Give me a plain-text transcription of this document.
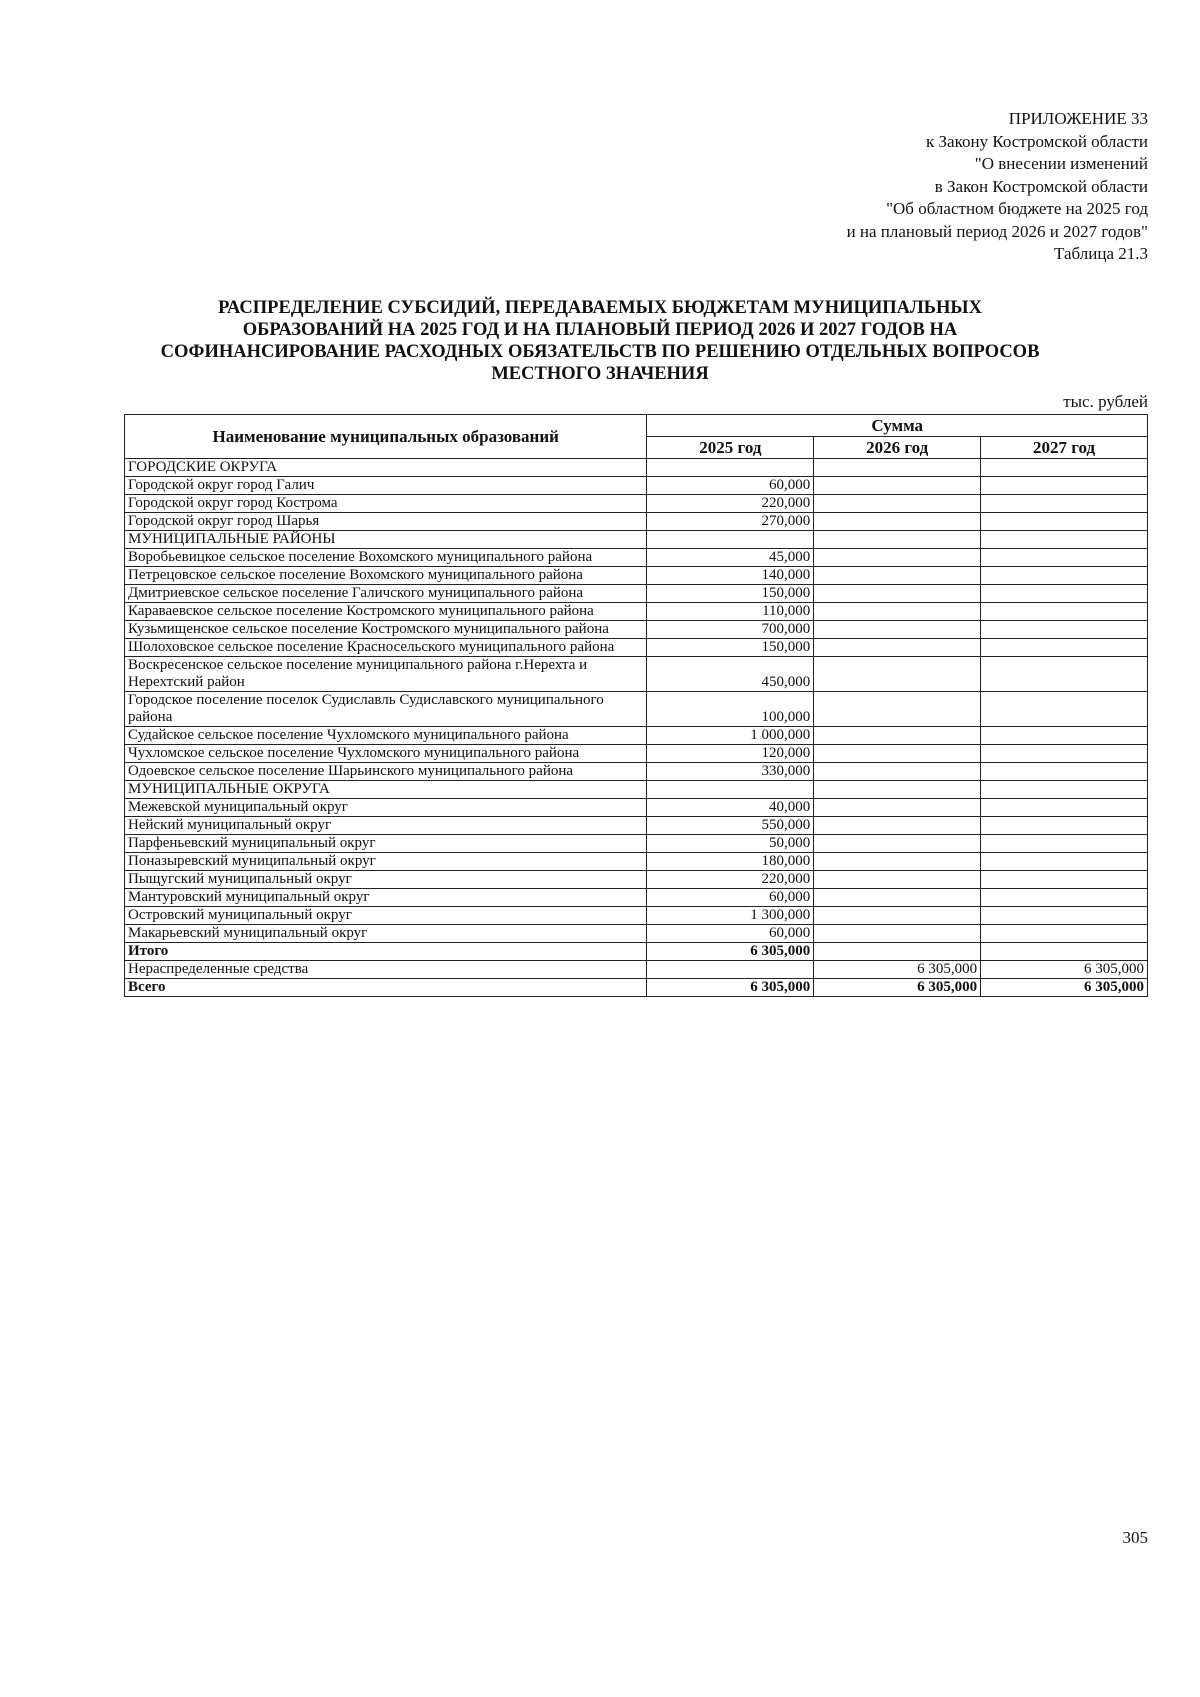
ПРИЛОЖЕНИЕ 33
к Закону Костромской области
"О внесении изменений
в Закон Костромской области
"Об областном бюджете на 2025 год
и на плановый период 2026 и 2027 годов"
Таблица 21.3
РАСПРЕДЕЛЕНИЕ СУБСИДИЙ, ПЕРЕДАВАЕМЫХ БЮДЖЕТАМ МУНИЦИПАЛЬНЫХ
ОБРАЗОВАНИЙ НА 2025 ГОД И НА ПЛАНОВЫЙ ПЕРИОД 2026 И 2027 ГОДОВ НА
СОФИНАНСИРОВАНИЕ РАСХОДНЫХ ОБЯЗАТЕЛЬСТВ ПО РЕШЕНИЮ ОТДЕЛЬНЫХ ВОПРОСОВ
МЕСТНОГО ЗНАЧЕНИЯ
тыс. рублей
Наименование муниципальных образований	Сумма		
	2025 год	2026 год	2027 год
ГОРОДСКИЕ ОКРУГА			
Городской округ город Галич	60,000		
Городской округ город Кострома	220,000		
Городской округ город Шарья	270,000		
МУНИЦИПАЛЬНЫЕ РАЙОНЫ			
Воробьевицкое сельское поселение Вохомского муниципального района	45,000		
Петрецовское сельское поселение Вохомского муниципального района	140,000		
Дмитриевское сельское поселение Галичского муниципального района	150,000		
Караваевское сельское поселение Костромского муниципального района	110,000		
Кузьмищенское сельское поселение Костромского муниципального района	700,000		
Шолоховское сельское поселение Красносельского муниципального района	150,000		
Воскресенское сельское поселение муниципального района г.Нерехта и Нерехтский район	450,000		
Городское поселение поселок Судиславль Судиславского муниципального района	100,000		
Судайское сельское поселение Чухломского муниципального района	1 000,000		
Чухломское сельское поселение Чухломского муниципального района	120,000		
Одоевское сельское поселение Шарьинского муниципального района	330,000		
МУНИЦИПАЛЬНЫЕ ОКРУГА			
Межевской муниципальный округ	40,000		
Нейский муниципальный округ	550,000		
Парфеньевский муниципальный округ	50,000		
Поназыревский муниципальный округ	180,000		
Пыщугский муниципальный округ	220,000		
Мантуровский муниципальный округ	60,000		
Островский муниципальный округ	1 300,000		
Макарьевский муниципальный округ	60,000		
Итого	6 305,000		
Нераспределенные средства		6 305,000	6 305,000
Всего	6 305,000	6 305,000	6 305,000
305
